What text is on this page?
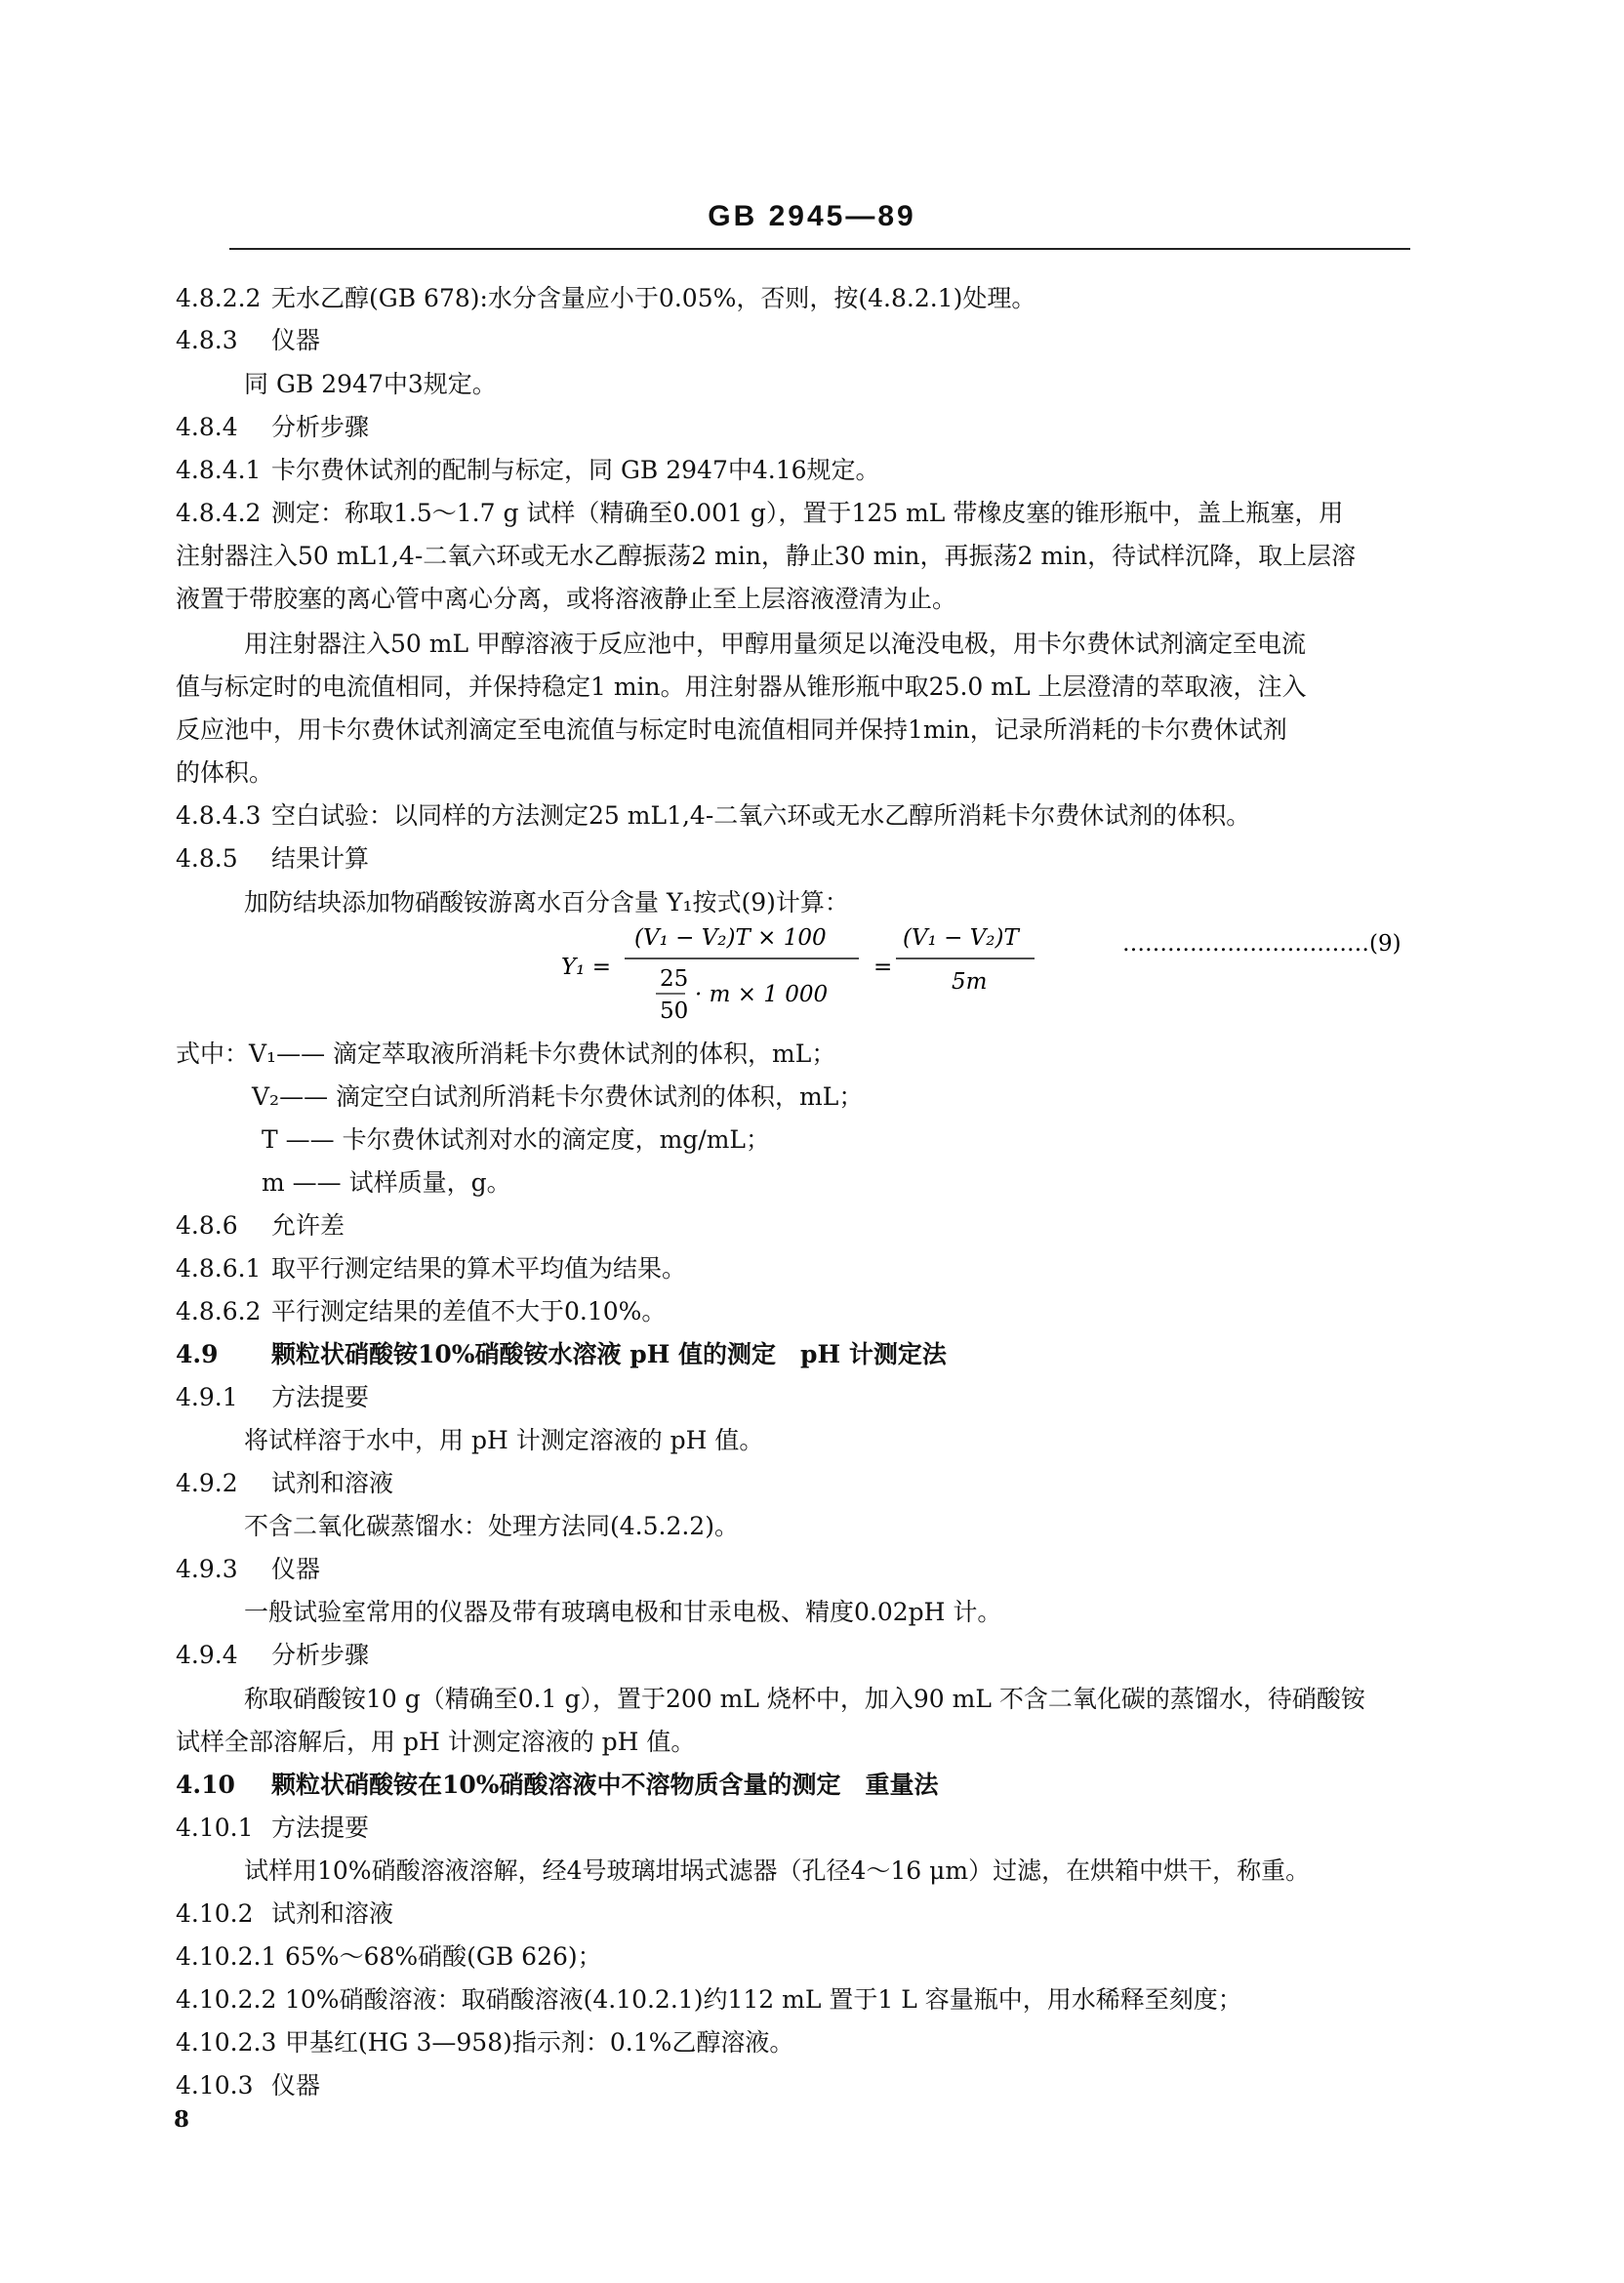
GB 2945—89
4.8.2.2 无水乙醇(GB 678):水分含量应小于0.05%，否则，按(4.8.2.1)处理。
4.8.3 仪器
同 GB 2947中3规定。
4.8.4 分析步骤
4.8.4.1 卡尔费休试剂的配制与标定，同 GB 2947中4.16规定。
4.8.4.2 测定：称取1.5～1.7 g 试样（精确至0.001 g），置于125 mL 带橡皮塞的锥形瓶中，盖上瓶塞，用
注射器注入50 mL1,4-二氧六环或无水乙醇振荡2 min，静止30 min，再振荡2 min，待试样沉降，取上层溶
液置于带胶塞的离心管中离心分离，或将溶液静止至上层溶液澄清为止。
用注射器注入50 mL 甲醇溶液于反应池中，甲醇用量须足以淹没电极，用卡尔费休试剂滴定至电流
值与标定时的电流值相同，并保持稳定1 min。用注射器从锥形瓶中取25.0 mL 上层澄清的萃取液，注入
反应池中，用卡尔费休试剂滴定至电流值与标定时电流值相同并保持1min，记录所消耗的卡尔费休试剂
的体积。
4.8.4.3 空白试验：以同样的方法测定25 mL1,4-二氧六环或无水乙醇所消耗卡尔费休试剂的体积。
4.8.5 结果计算
加防结块添加物硝酸铵游离水百分含量 Y₁按式(9)计算：
Y₁ =
(V₁ − V₂)T × 100
25
50
· m × 1 000
=
(V₁ − V₂)T
5m
……………………………(9)
式中：V₁—— 滴定萃取液所消耗卡尔费休试剂的体积，mL；
V₂—— 滴定空白试剂所消耗卡尔费休试剂的体积，mL；
T —— 卡尔费休试剂对水的滴定度，mg/mL；
m —— 试样质量，g。
4.8.6 允许差
4.8.6.1 取平行测定结果的算术平均值为结果。
4.8.6.2 平行测定结果的差值不大于0.10%。
4.9 颗粒状硝酸铵10%硝酸铵水溶液 pH 值的测定　pH 计测定法
4.9.1 方法提要
将试样溶于水中，用 pH 计测定溶液的 pH 值。
4.9.2 试剂和溶液
不含二氧化碳蒸馏水：处理方法同(4.5.2.2)。
4.9.3 仪器
一般试验室常用的仪器及带有玻璃电极和甘汞电极、精度0.02pH 计。
4.9.4 分析步骤
称取硝酸铵10 g（精确至0.1 g），置于200 mL 烧杯中，加入90 mL 不含二氧化碳的蒸馏水，待硝酸铵
试样全部溶解后，用 pH 计测定溶液的 pH 值。
4.10 颗粒状硝酸铵在10%硝酸溶液中不溶物质含量的测定　重量法
4.10.1 方法提要
试样用10%硝酸溶液溶解，经4号玻璃坩埚式滤器（孔径4～16 μm）过滤，在烘箱中烘干，称重。
4.10.2 试剂和溶液
4.10.2.1 65%～68%硝酸(GB 626)；
4.10.2.2 10%硝酸溶液：取硝酸溶液(4.10.2.1)约112 mL 置于1 L 容量瓶中，用水稀释至刻度；
4.10.2.3 甲基红(HG 3—958)指示剂：0.1%乙醇溶液。
4.10.3 仪器
8
